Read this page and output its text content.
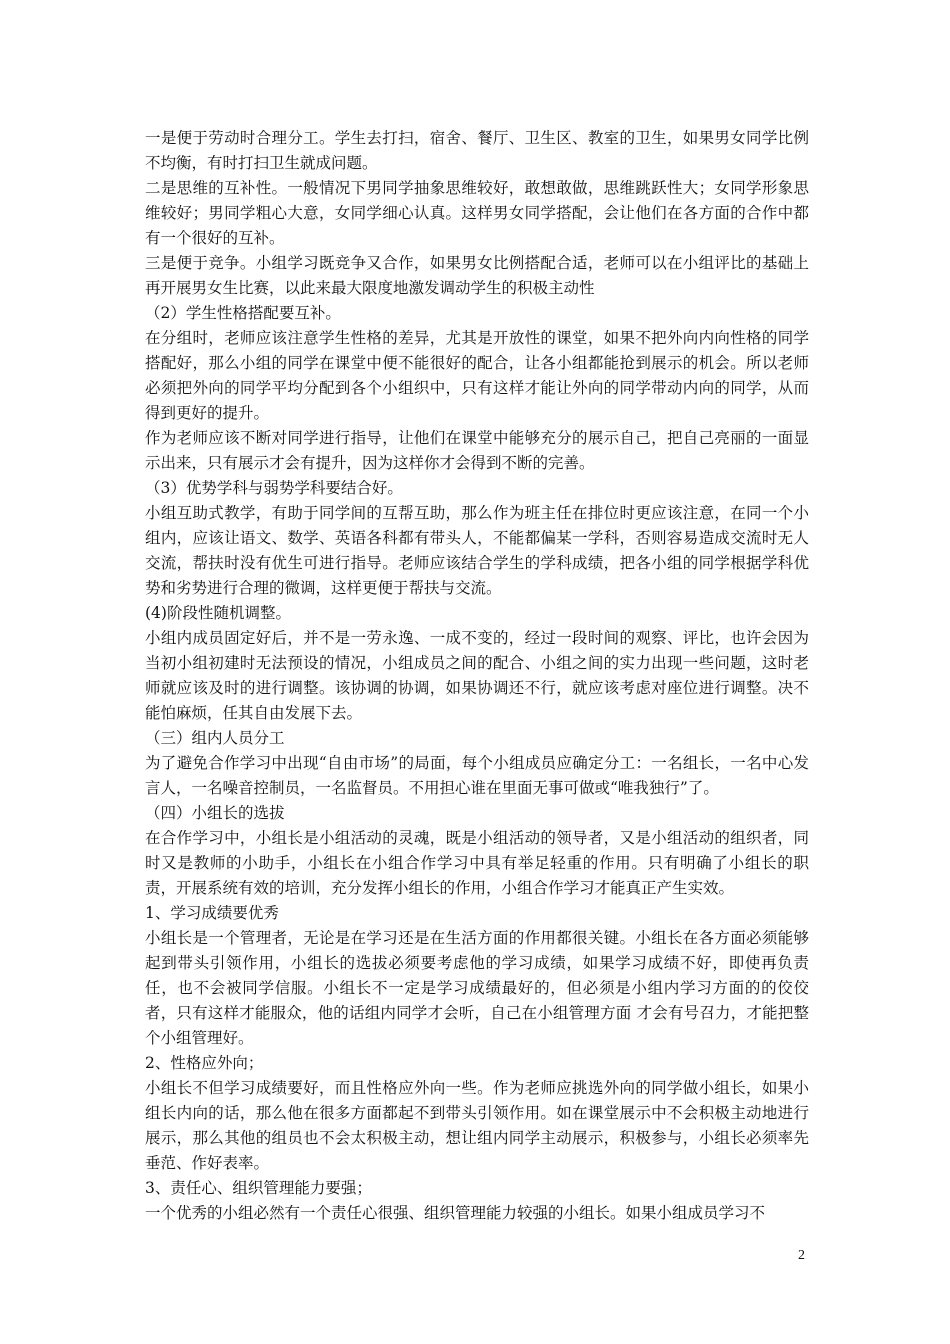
一是便于劳动时合理分工。学生去打扫，宿舍、餐厅、卫生区、教室的卫生，如果男女同学比例不均衡，有时打扫卫生就成问题。

二是思维的互补性。一般情况下男同学抽象思维较好，敢想敢做，思维跳跃性大；女同学形象思维较好；男同学粗心大意，女同学细心认真。这样男女同学搭配，会让他们在各方面的合作中都有一个很好的互补。

三是便于竞争。小组学习既竞争又合作，如果男女比例搭配合适，老师可以在小组评比的基础上再开展男女生比赛，以此来最大限度地激发调动学生的积极主动性

（2）学生性格搭配要互补。

在分组时，老师应该注意学生性格的差异，尤其是开放性的课堂，如果不把外向内向性格的同学搭配好，那么小组的同学在课堂中便不能很好的配合，让各小组都能抢到展示的机会。所以老师必须把外向的同学平均分配到各个小组织中，只有这样才能让外向的同学带动内向的同学，从而得到更好的提升。

作为老师应该不断对同学进行指导，让他们在课堂中能够充分的展示自己，把自己亮丽的一面显示出来，只有展示才会有提升，因为这样你才会得到不断的完善。

（3）优势学科与弱势学科要结合好。

小组互助式教学，有助于同学间的互帮互助，那么作为班主任在排位时更应该注意，在同一个小组内，应该让语文、数学、英语各科都有带头人，不能都偏某一学科，否则容易造成交流时无人交流，帮扶时没有优生可进行指导。老师应该结合学生的学科成绩，把各小组的同学根据学科优势和劣势进行合理的微调，这样更便于帮扶与交流。

(4)阶段性随机调整。

小组内成员固定好后，并不是一劳永逸、一成不变的，经过一段时间的观察、评比，也许会因为当初小组初建时无法预设的情况，小组成员之间的配合、小组之间的实力出现一些问题，这时老师就应该及时的进行调整。该协调的协调，如果协调还不行，就应该考虑对座位进行调整。决不能怕麻烦，任其自由发展下去。

（三）组内人员分工

为了避免合作学习中出现“自由市场”的局面，每个小组成员应确定分工：一名组长，一名中心发言人，一名噪音控制员，一名监督员。不用担心谁在里面无事可做或“唯我独行”了。

（四）小组长的选拔

在合作学习中，小组长是小组活动的灵魂，既是小组活动的领导者，又是小组活动的组织者，同时又是教师的小助手，小组长在小组合作学习中具有举足轻重的作用。只有明确了小组长的职责，开展系统有效的培训，充分发挥小组长的作用，小组合作学习才能真正产生实效。

1、学习成绩要优秀

小组长是一个管理者，无论是在学习还是在生活方面的作用都很关键。小组长在各方面必须能够起到带头引领作用，小组长的选拔必须要考虑他的学习成绩，如果学习成绩不好，即使再负责任，也不会被同学信服。小组长不一定是学习成绩最好的，但必须是小组内学习方面的的佼佼者，只有这样才能服众，他的话组内同学才会听，自己在小组管理方面 才会有号召力，才能把整个小组管理好。

2、性格应外向；

小组长不但学习成绩要好，而且性格应外向一些。作为老师应挑选外向的同学做小组长，如果小组长内向的话，那么他在很多方面都起不到带头引领作用。如在课堂展示中不会积极主动地进行展示，那么其他的组员也不会太积极主动，想让组内同学主动展示，积极参与，小组长必须率先垂范、作好表率。

3、责任心、组织管理能力要强；

一个优秀的小组必然有一个责任心很强、组织管理能力较强的小组长。如果小组成员学习不

2
